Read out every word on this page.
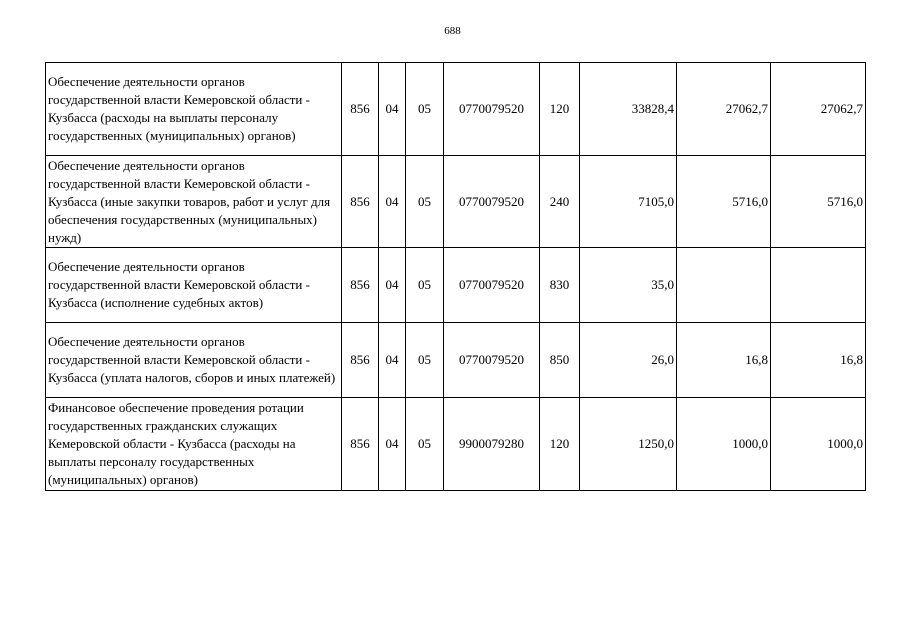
688
Обеспечение деятельности органов государственной власти Кемеровской области - Кузбасса (расходы на выплаты персоналу государственных (муниципальных) органов)	856	04	05	0770079520	120	33828,4	27062,7	27062,7
Обеспечение деятельности органов государственной власти Кемеровской области - Кузбасса (иные закупки товаров, работ и услуг для обеспечения государственных (муниципальных) нужд)	856	04	05	0770079520	240	7105,0	5716,0	5716,0
Обеспечение деятельности органов государственной власти Кемеровской области - Кузбасса (исполнение судебных актов)	856	04	05	0770079520	830	35,0		
Обеспечение деятельности органов государственной власти Кемеровской области - Кузбасса (уплата налогов, сборов и иных платежей)	856	04	05	0770079520	850	26,0	16,8	16,8
Финансовое обеспечение проведения ротации государственных гражданских служащих Кемеровской области - Кузбасса (расходы на выплаты персоналу государственных (муниципальных) органов)	856	04	05	9900079280	120	1250,0	1000,0	1000,0
